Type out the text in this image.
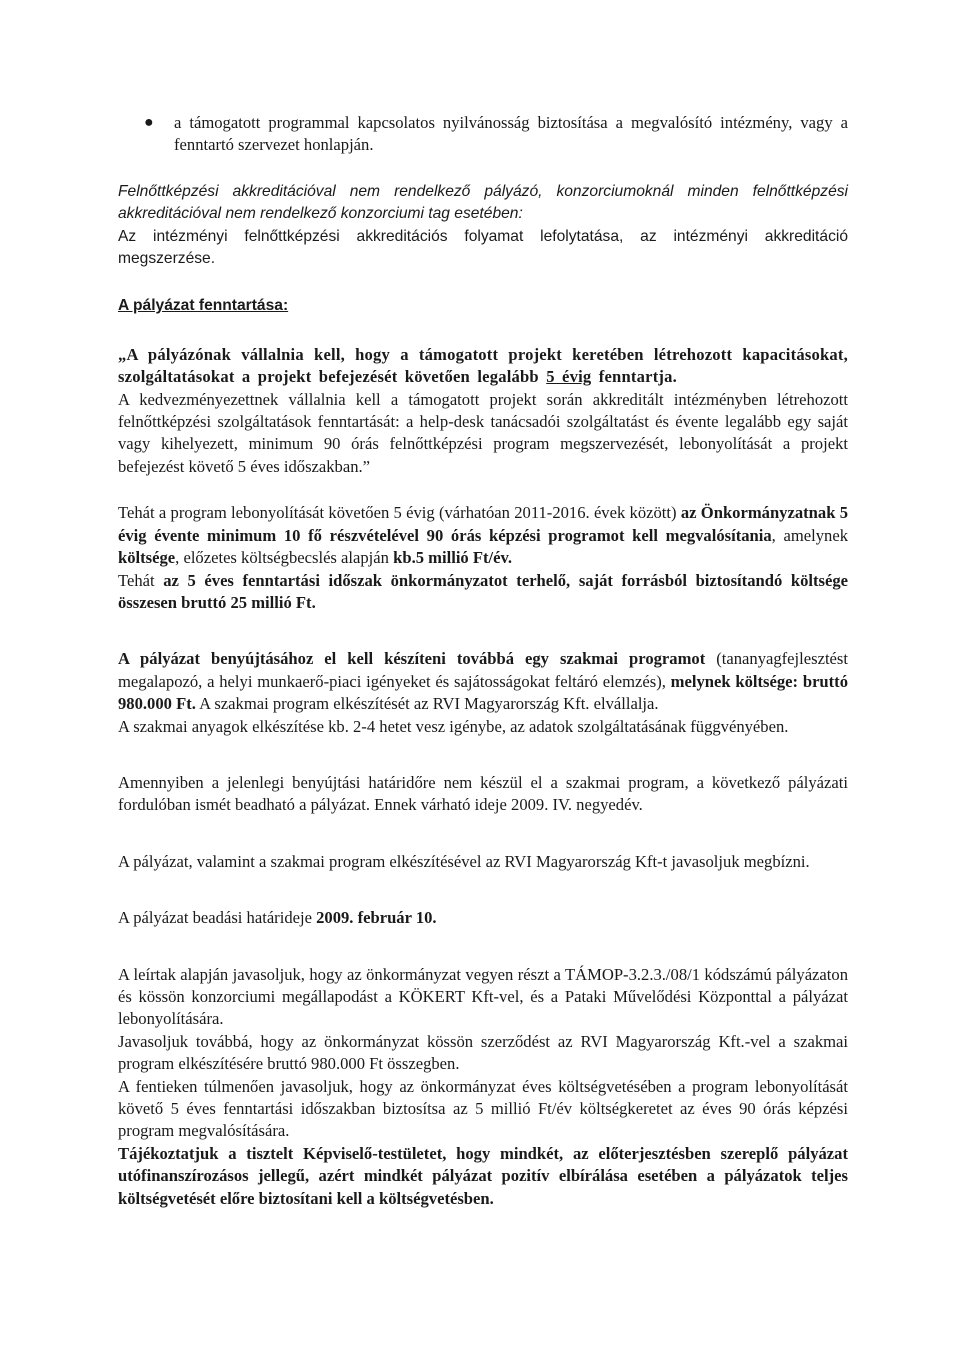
● a támogatott programmal kapcsolatos nyilvánosság biztosítása a megvalósító intézmény, vagy a fenntartó szervezet honlapján.

Felnőttképzési akkreditációval nem rendelkező pályázó, konzorciumoknál minden felnőttképzési akkreditációval nem rendelkező konzorciumi tag esetében:

Az intézményi felnőttképzési akkreditációs folyamat lefolytatása, az intézményi akkreditáció megszerzése.

A pályázat fenntartása:

„A pályázónak vállalnia kell, hogy a támogatott projekt keretében létrehozott kapacitásokat, szolgáltatásokat a projekt befejezését követően legalább 5 évig fenntartja.

A kedvezményezettnek vállalnia kell a támogatott projekt során akkreditált intézményben létrehozott felnőttképzési szolgáltatások fenntartását: a help-desk tanácsadói szolgáltatást és évente legalább egy saját vagy kihelyezett, minimum 90 órás felnőttképzési program megszervezését, lebonyolítását a projekt befejezést követő 5 éves időszakban.”

Tehát a program lebonyolítását követően 5 évig (várhatóan 2011-2016. évek között) az Önkormányzatnak 5 évig évente minimum 10 fő részvételével 90 órás képzési programot kell megvalósítania, amelynek költsége, előzetes költségbecslés alapján kb.5 millió Ft/év.

Tehát az 5 éves fenntartási időszak önkormányzatot terhelő, saját forrásból biztosítandó költsége összesen bruttó 25 millió Ft.

A pályázat benyújtásához el kell készíteni továbbá egy szakmai programot (tananyagfejlesztést megalapozó, a helyi munkaerő-piaci igényeket és sajátosságokat feltáró elemzés), melynek költsége: bruttó 980.000 Ft. A szakmai program elkészítését az RVI Magyarország Kft. elvállalja.

A szakmai anyagok elkészítése kb. 2-4 hetet vesz igénybe, az adatok szolgáltatásának függvényében.

Amennyiben a jelenlegi benyújtási határidőre nem készül el a szakmai program, a következő pályázati fordulóban ismét beadható a pályázat. Ennek várható ideje 2009. IV. negyedév.

A pályázat, valamint a szakmai program elkészítésével az RVI Magyarország Kft-t javasoljuk megbízni.

A pályázat beadási határideje 2009. február 10.

A leírtak alapján javasoljuk, hogy az önkormányzat vegyen részt a TÁMOP-3.2.3./08/1 kódszámú pályázaton és kössön konzorciumi megállapodást a KÖKERT Kft-vel, és a Pataki Művelődési Központtal a pályázat lebonyolítására.

Javasoljuk továbbá, hogy az önkormányzat kössön szerződést az RVI Magyarország Kft.-vel a szakmai program elkészítésére bruttó 980.000 Ft összegben.

A fentieken túlmenően javasoljuk, hogy az önkormányzat éves költségvetésében a program lebonyolítását követő 5 éves fenntartási időszakban biztosítsa az 5 millió Ft/év költségkeretet az éves 90 órás képzési program megvalósítására.

Tájékoztatjuk a tisztelt Képviselő-testületet, hogy mindkét, az előterjesztésben szereplő pályázat utófinanszírozásos jellegű, azért mindkét pályázat pozitív elbírálása esetében a pályázatok teljes költségvetését előre biztosítani kell a költségvetésben.
